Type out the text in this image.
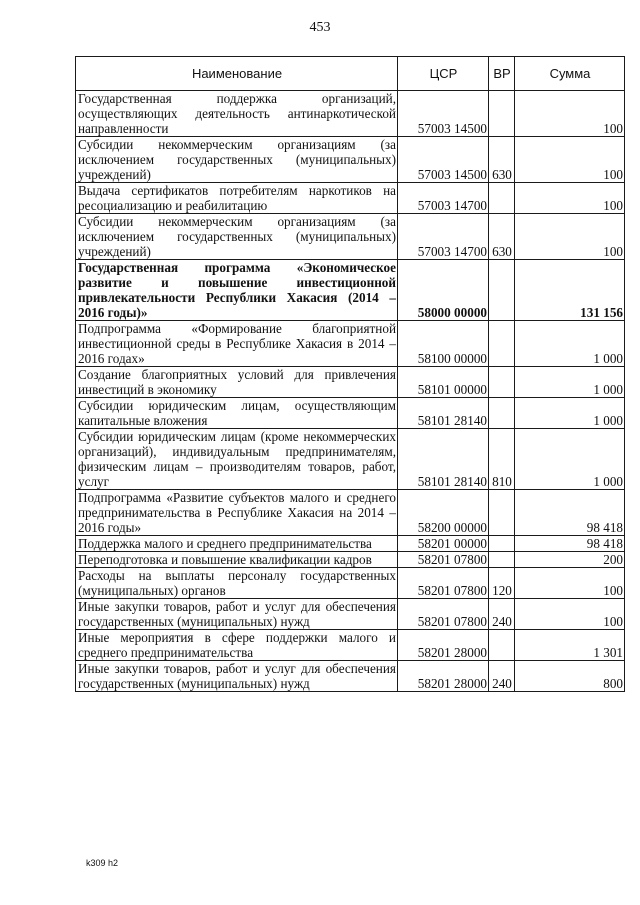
453
Наименование	ЦСР	ВР	Сумма
Государственная поддержка организаций, осуществляющих деятельность антинаркотической направленности	57003 14500		100
Субсидии некоммерческим организациям (за исключением государственных (муниципальных) учреждений)	57003 14500	630	100
Выдача сертификатов потребителям наркотиков на ресоциализацию и реабилитацию	57003 14700		100
Субсидии некоммерческим организациям (за исключением государственных (муниципальных) учреждений)	57003 14700	630	100
Государственная программа «Экономическое развитие и повышение инвестиционной привлекательности Республики Хакасия (2014 – 2016 годы)»	58000 00000		131 156
Подпрограмма «Формирование благоприятной инвестиционной среды в Республике Хакасия в 2014 – 2016 годах»	58100 00000		1 000
Создание благоприятных условий для привлечения инвестиций в экономику	58101 00000		1 000
Субсидии юридическим лицам, осуществляющим капитальные вложения	58101 28140		1 000
Субсидии юридическим лицам (кроме некоммерческих организаций), индивидуальным предпринимателям, физическим лицам – производителям товаров, работ, услуг	58101 28140	810	1 000
Подпрограмма «Развитие субъектов малого и среднего предпринимательства в Республике Хакасия на 2014 – 2016 годы»	58200 00000		98 418
Поддержка малого и среднего предпринимательства	58201 00000		98 418
Переподготовка и повышение квалификации кадров	58201 07800		200
Расходы на выплаты персоналу государственных (муниципальных) органов	58201 07800	120	100
Иные закупки товаров, работ и услуг для обеспечения государственных (муниципальных) нужд	58201 07800	240	100
Иные мероприятия в сфере поддержки малого и среднего предпринимательства	58201 28000		1 301
Иные закупки товаров, работ и услуг для обеспечения государственных (муниципальных) нужд	58201 28000	240	800
k309 h2
